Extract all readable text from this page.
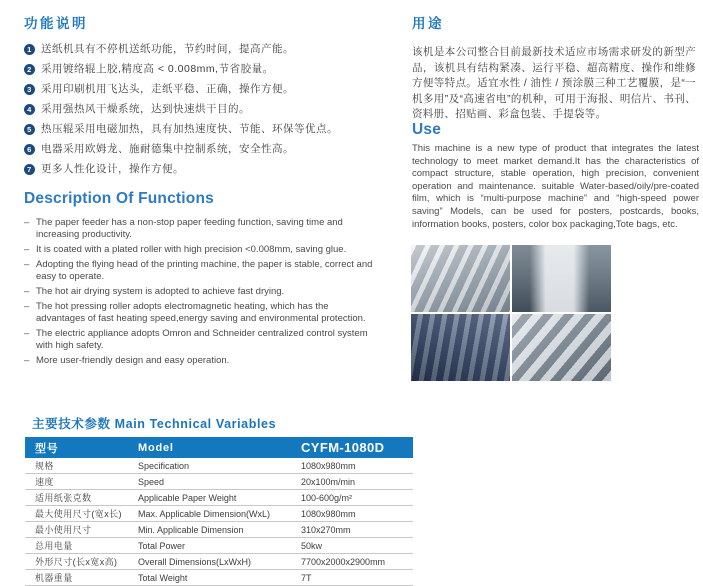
功能说明
1 送纸机具有不停机送纸功能，节约时间，提高产能。
2 采用镀络辊上胶,精度高 < 0.008mm,节省胶量。
3 采用印刷机用飞达头，走纸平稳、正确，操作方便。
4 采用强热风干燥系统，达到快速烘干目的。
5 热压辊采用电磁加热，具有加热速度快、节能、环保等优点。
6 电器采用欧姆龙、施耐德集中控制系统，安全性高。
7 更多人性化设计，操作方便。
Description Of Functions
– The paper feeder has a non-stop paper feeding function, saving time and increasing productivity.
– It is coated with a plated roller with high precision <0.008mm, saving glue.
– Adopting the flying head of the printing machine, the paper is stable, correct and easy to operate.
– The hot air drying system is adopted to achieve fast drying.
– The hot pressing roller adopts electromagnetic heating, which has the advantages of fast heating speed,energy saving and environmental protection.
– The electric appliance adopts Omron and Schneider centralized control system with high safety.
– More user-friendly design and easy operation.
用途

该机是本公司整合目前最新技术适应市场需求研发的新型产品，该机具有结构紧凑、运行平稳、超高精度、操作和维修方便等特点。适宜水性 / 油性 / 预涂膜三种工艺覆膜，是“一机多用”及“高速省电”的机种，可用于海报、明信片、书刊、资料册、招贴画、彩盒包装、手提袋等。

Use

This machine is a new type of product that integrates the latest technology to meet market demand.It has the characteristics of compact structure, stable operation, high precision, convenient operation and maintenance. suitable Water-based/oily/pre-coated film, which is “multi-purpose machine” and “high-speed power saving” Models, can be used for posters, postcards, books, information books, posters, color box packaging,Tote bags, etc.

主要技术参数 Main Technical Variables
型号	Model	CYFM-1080D
规格	Specification	1080x980mm
速度	Speed	20x100m/min
适用纸张克数	Applicable Paper Weight	100-600g/m²
最大使用尺寸(宽x长)	Max. Applicable Dimension(WxL)	1080x980mm
最小使用尺寸	Min. Applicable Dimension	310x270mm
总用电量	Total Power	50kw
外形尺寸(长x宽x高)	Overall Dimensions(LxWxH)	7700x2000x2900mm
机器重量	Total Weight	7T
